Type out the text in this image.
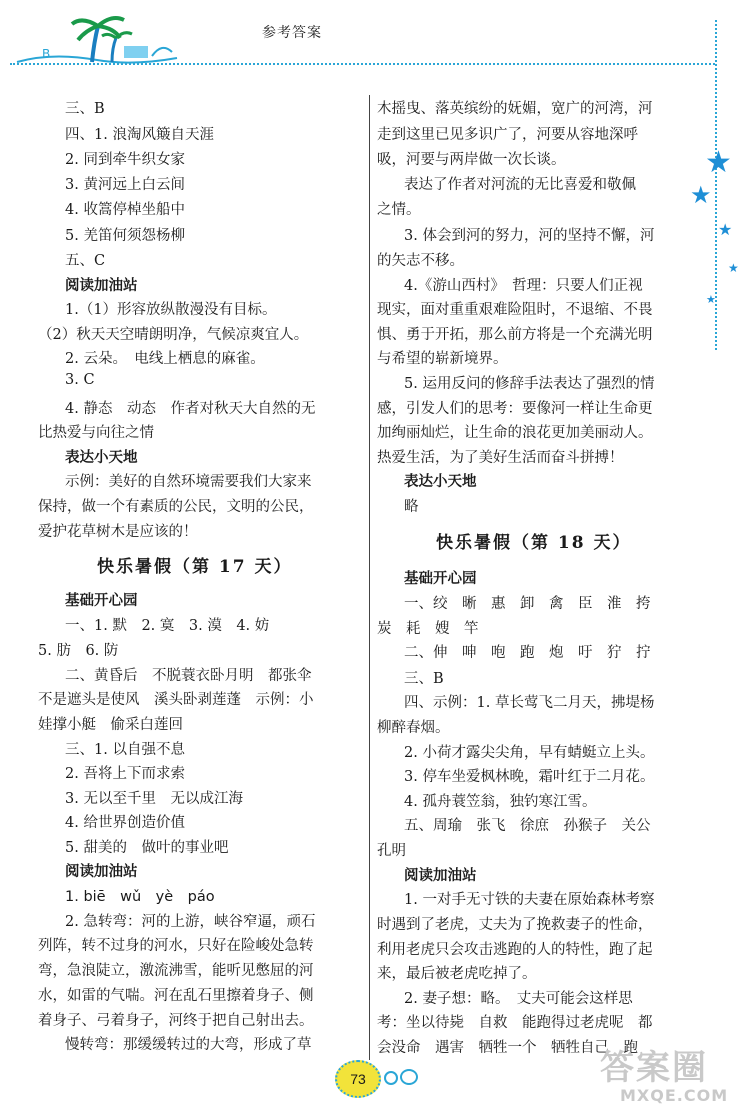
B
参考答案
★
★
★
★
★
三、B
四、1. 浪淘风簸自天涯
2. 同到牵牛织女家
3. 黄河远上白云间
4. 收篙停棹坐船中
5. 羌笛何须怨杨柳
五、C
阅读加油站
1.（1）形容放纵散漫没有目标。
（2）秋天天空晴朗明净，气候凉爽宜人。
2. 云朵。　电线上栖息的麻雀。
3. C
4. 静态　动态　作者对秋天大自然的无
比热爱与向往之情
表达小天地
示例：美好的自然环境需要我们大家来
保持，做一个有素质的公民，文明的公民，
爱护花草树木是应该的！
快乐暑假（第 17 天）
基础开心园
一、1. 默　2. 寞　3. 漠　4. 妨
5. 肪　6. 防
二、黄昏后　不脱蓑衣卧月明　都张伞
不是遮头是使风　溪头卧剥莲蓬　示例：小
娃撑小艇　偷采白莲回
三、1. 以自强不息
2. 吾将上下而求索
3. 无以至千里　无以成江海
4. 给世界创造价值
5. 甜美的　做叶的事业吧
阅读加油站
1. biē　wǔ　yè　páo
2. 急转弯：河的上游，峡谷窄逼，顽石
列阵，转不过身的河水，只好在险峻处急转
弯，急浪陡立，激流沸雪，能听见憋屈的河
水，如雷的气喘。河在乱石里擦着身子、侧
着身子、弓着身子，河终于把自己射出去。
慢转弯：那缓缓转过的大弯，形成了草
木摇曳、落英缤纷的妩媚，宽广的河湾，河
走到这里已见多识广了，河要从容地深呼
吸，河要与两岸做一次长谈。
表达了作者对河流的无比喜爱和敬佩
之情。
3. 体会到河的努力，河的坚持不懈，河
的矢志不移。
4.《游山西村》　哲理：只要人们正视
现实，面对重重艰难险阻时，不退缩、不畏
惧、勇于开拓，那么前方将是一个充满光明
与希望的崭新境界。
5. 运用反问的修辞手法表达了强烈的情
感，引发人们的思考：要像河一样让生命更
加绚丽灿烂，让生命的浪花更加美丽动人。
热爱生活，为了美好生活而奋斗拼搏！
表达小天地
略
快乐暑假（第 18 天）
基础开心园
一、绞　晰　惠　卸　禽　臣　淮　挎
炭　耗　嫂　竿
二、伸　呻　咆　跑　炮　吁　狞　拧
三、B
四、示例：1. 草长莺飞二月天，拂堤杨
柳醉春烟。
2. 小荷才露尖尖角，早有蜻蜓立上头。
3. 停车坐爱枫林晚，霜叶红于二月花。
4. 孤舟蓑笠翁，独钓寒江雪。
五、周瑜　张飞　徐庶　孙猴子　关公
孔明
阅读加油站
1. 一对手无寸铁的夫妻在原始森林考察
时遇到了老虎，丈夫为了挽救妻子的性命，
利用老虎只会攻击逃跑的人的特性，跑了起
来，最后被老虎吃掉了。
2. 妻子想：略。　丈夫可能会这样思
考：坐以待毙　自救　能跑得过老虎呢　都
会没命　遇害　牺牲一个　牺牲自己　跑
73	答案圈
MXQE.COM
